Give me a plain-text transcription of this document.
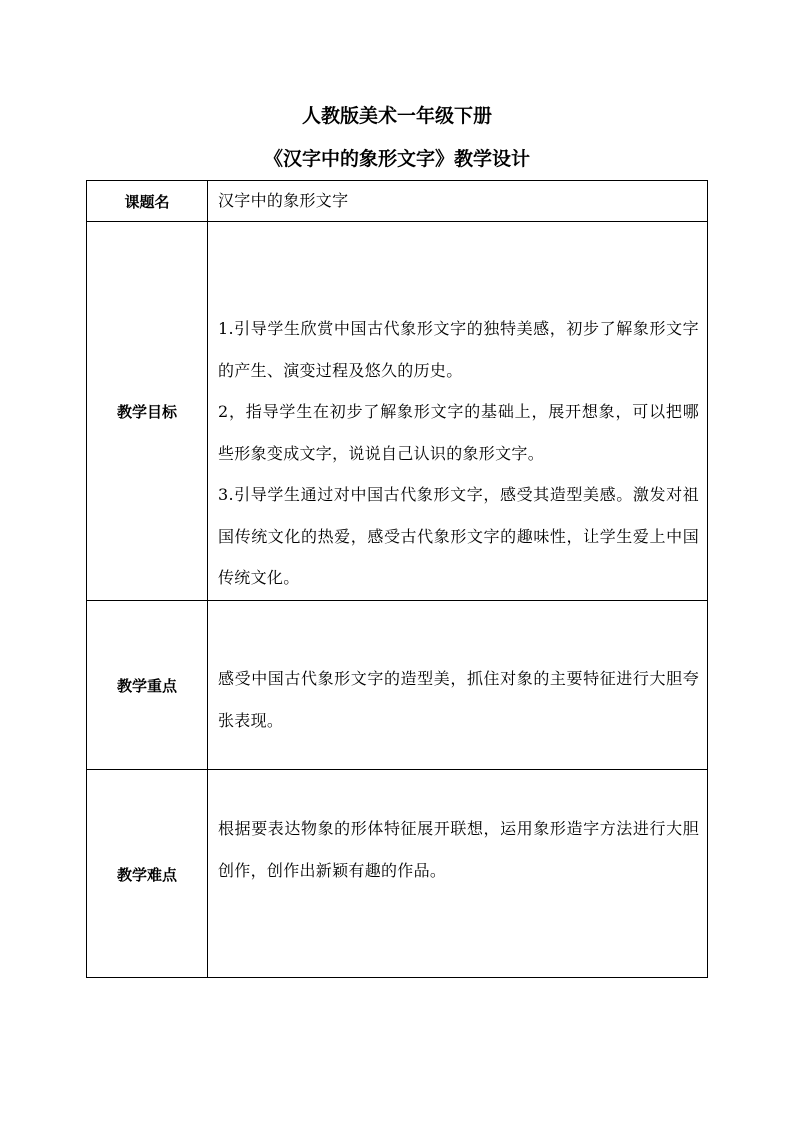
人教版美术一年级下册
《汉字中的象形文字》教学设计
课题名	汉字中的象形文字
教学目标

1.引导学生欣赏中国古代象形文字的独特美感，初步了解象形文字的产生、演变过程及悠久的历史。

2，指导学生在初步了解象形文字的基础上，展开想象，可以把哪些形象变成文字，说说自己认识的象形文字。

3.引导学生通过对中国古代象形文字，感受其造型美感。激发对祖国传统文化的热爱，感受古代象形文字的趣味性，让学生爱上中国传统文化。

教学重点	感受中国古代象形文字的造型美，抓住对象的主要特征进行大胆夸张表现。
教学难点
根据要表达物象的形体特征展开联想，运用象形造字方法进行大胆创作，创作出新颖有趣的作品。
